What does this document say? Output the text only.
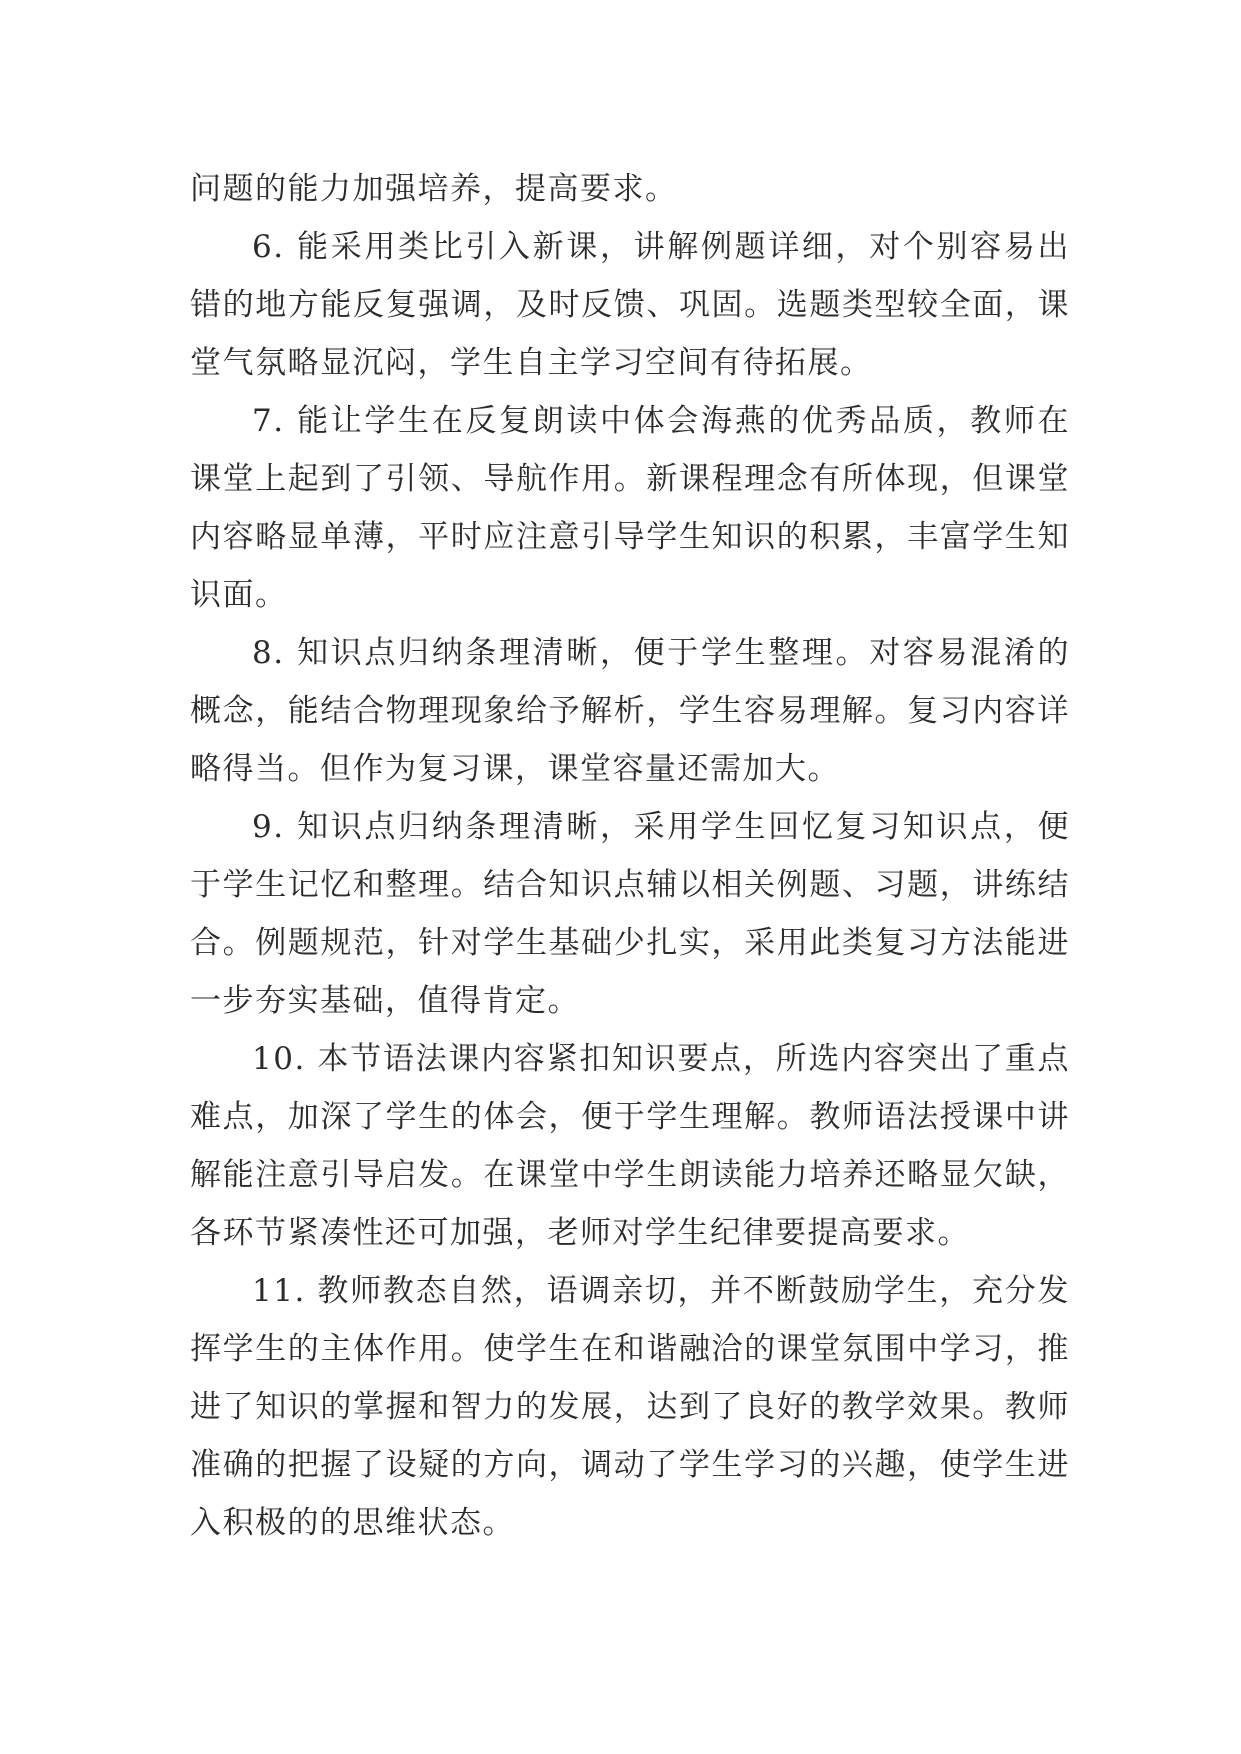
问题的能力加强培养，提高要求。

6. 能采用类比引入新课，讲解例题详细，对个别容易出错的地方能反复强调，及时反馈、巩固。选题类型较全面，课堂气氛略显沉闷，学生自主学习空间有待拓展。

7. 能让学生在反复朗读中体会海燕的优秀品质，教师在课堂上起到了引领、导航作用。新课程理念有所体现，但课堂内容略显单薄，平时应注意引导学生知识的积累，丰富学生知识面。

8. 知识点归纳条理清晰，便于学生整理。对容易混淆的概念，能结合物理现象给予解析，学生容易理解。复习内容详略得当。但作为复习课，课堂容量还需加大。

9. 知识点归纳条理清晰，采用学生回忆复习知识点，便于学生记忆和整理。结合知识点辅以相关例题、习题，讲练结合。例题规范，针对学生基础少扎实，采用此类复习方法能进一步夯实基础，值得肯定。

10. 本节语法课内容紧扣知识要点，所选内容突出了重点难点，加深了学生的体会，便于学生理解。教师语法授课中讲解能注意引导启发。在课堂中学生朗读能力培养还略显欠缺，各环节紧凑性还可加强，老师对学生纪律要提高要求。

11. 教师教态自然，语调亲切，并不断鼓励学生，充分发挥学生的主体作用。使学生在和谐融洽的课堂氛围中学习，推进了知识的掌握和智力的发展，达到了良好的教学效果。教师准确的把握了设疑的方向，调动了学生学习的兴趣，使学生进入积极的的思维状态。
